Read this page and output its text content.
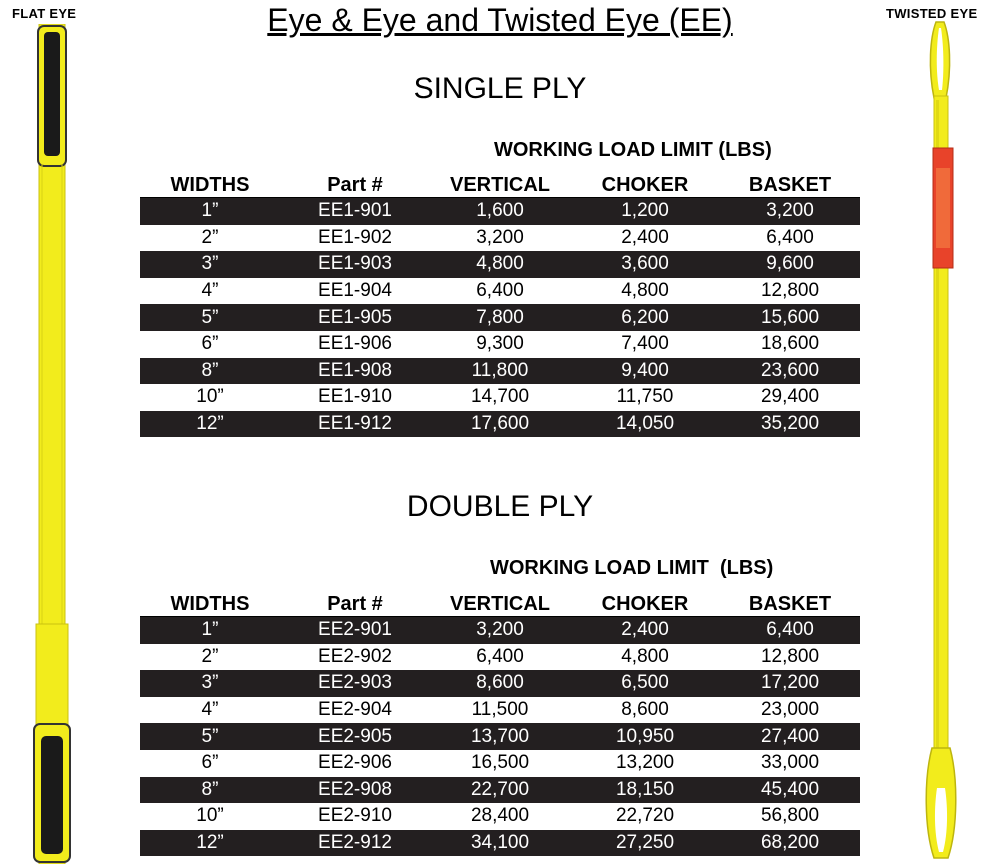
FLAT EYE	TWISTED EYE
Eye & Eye and Twisted Eye (EE)
SINGLE PLY
DOUBLE PLY
WORKING LOAD LIMIT (LBS)
WORKING LOAD LIMIT  (LBS)
WIDTHS	Part #	VERTICAL	CHOKER	BASKET
1”	EE1-901	1,600	1,200	3,200
2”	EE1-902	3,200	2,400	6,400
3”	EE1-903	4,800	3,600	9,600
4”	EE1-904	6,400	4,800	12,800
5”	EE1-905	7,800	6,200	15,600
6”	EE1-906	9,300	7,400	18,600
8”	EE1-908	11,800	9,400	23,600
10”	EE1-910	14,700	11,750	29,400
12”	EE1-912	17,600	14,050	35,200
WIDTHS	Part #	VERTICAL	CHOKER	BASKET
1”	EE2-901	3,200	2,400	6,400
2”	EE2-902	6,400	4,800	12,800
3”	EE2-903	8,600	6,500	17,200
4”	EE2-904	11,500	8,600	23,000
5”	EE2-905	13,700	10,950	27,400
6”	EE2-906	16,500	13,200	33,000
8”	EE2-908	22,700	18,150	45,400
10”	EE2-910	28,400	22,720	56,800
12”	EE2-912	34,100	27,250	68,200
